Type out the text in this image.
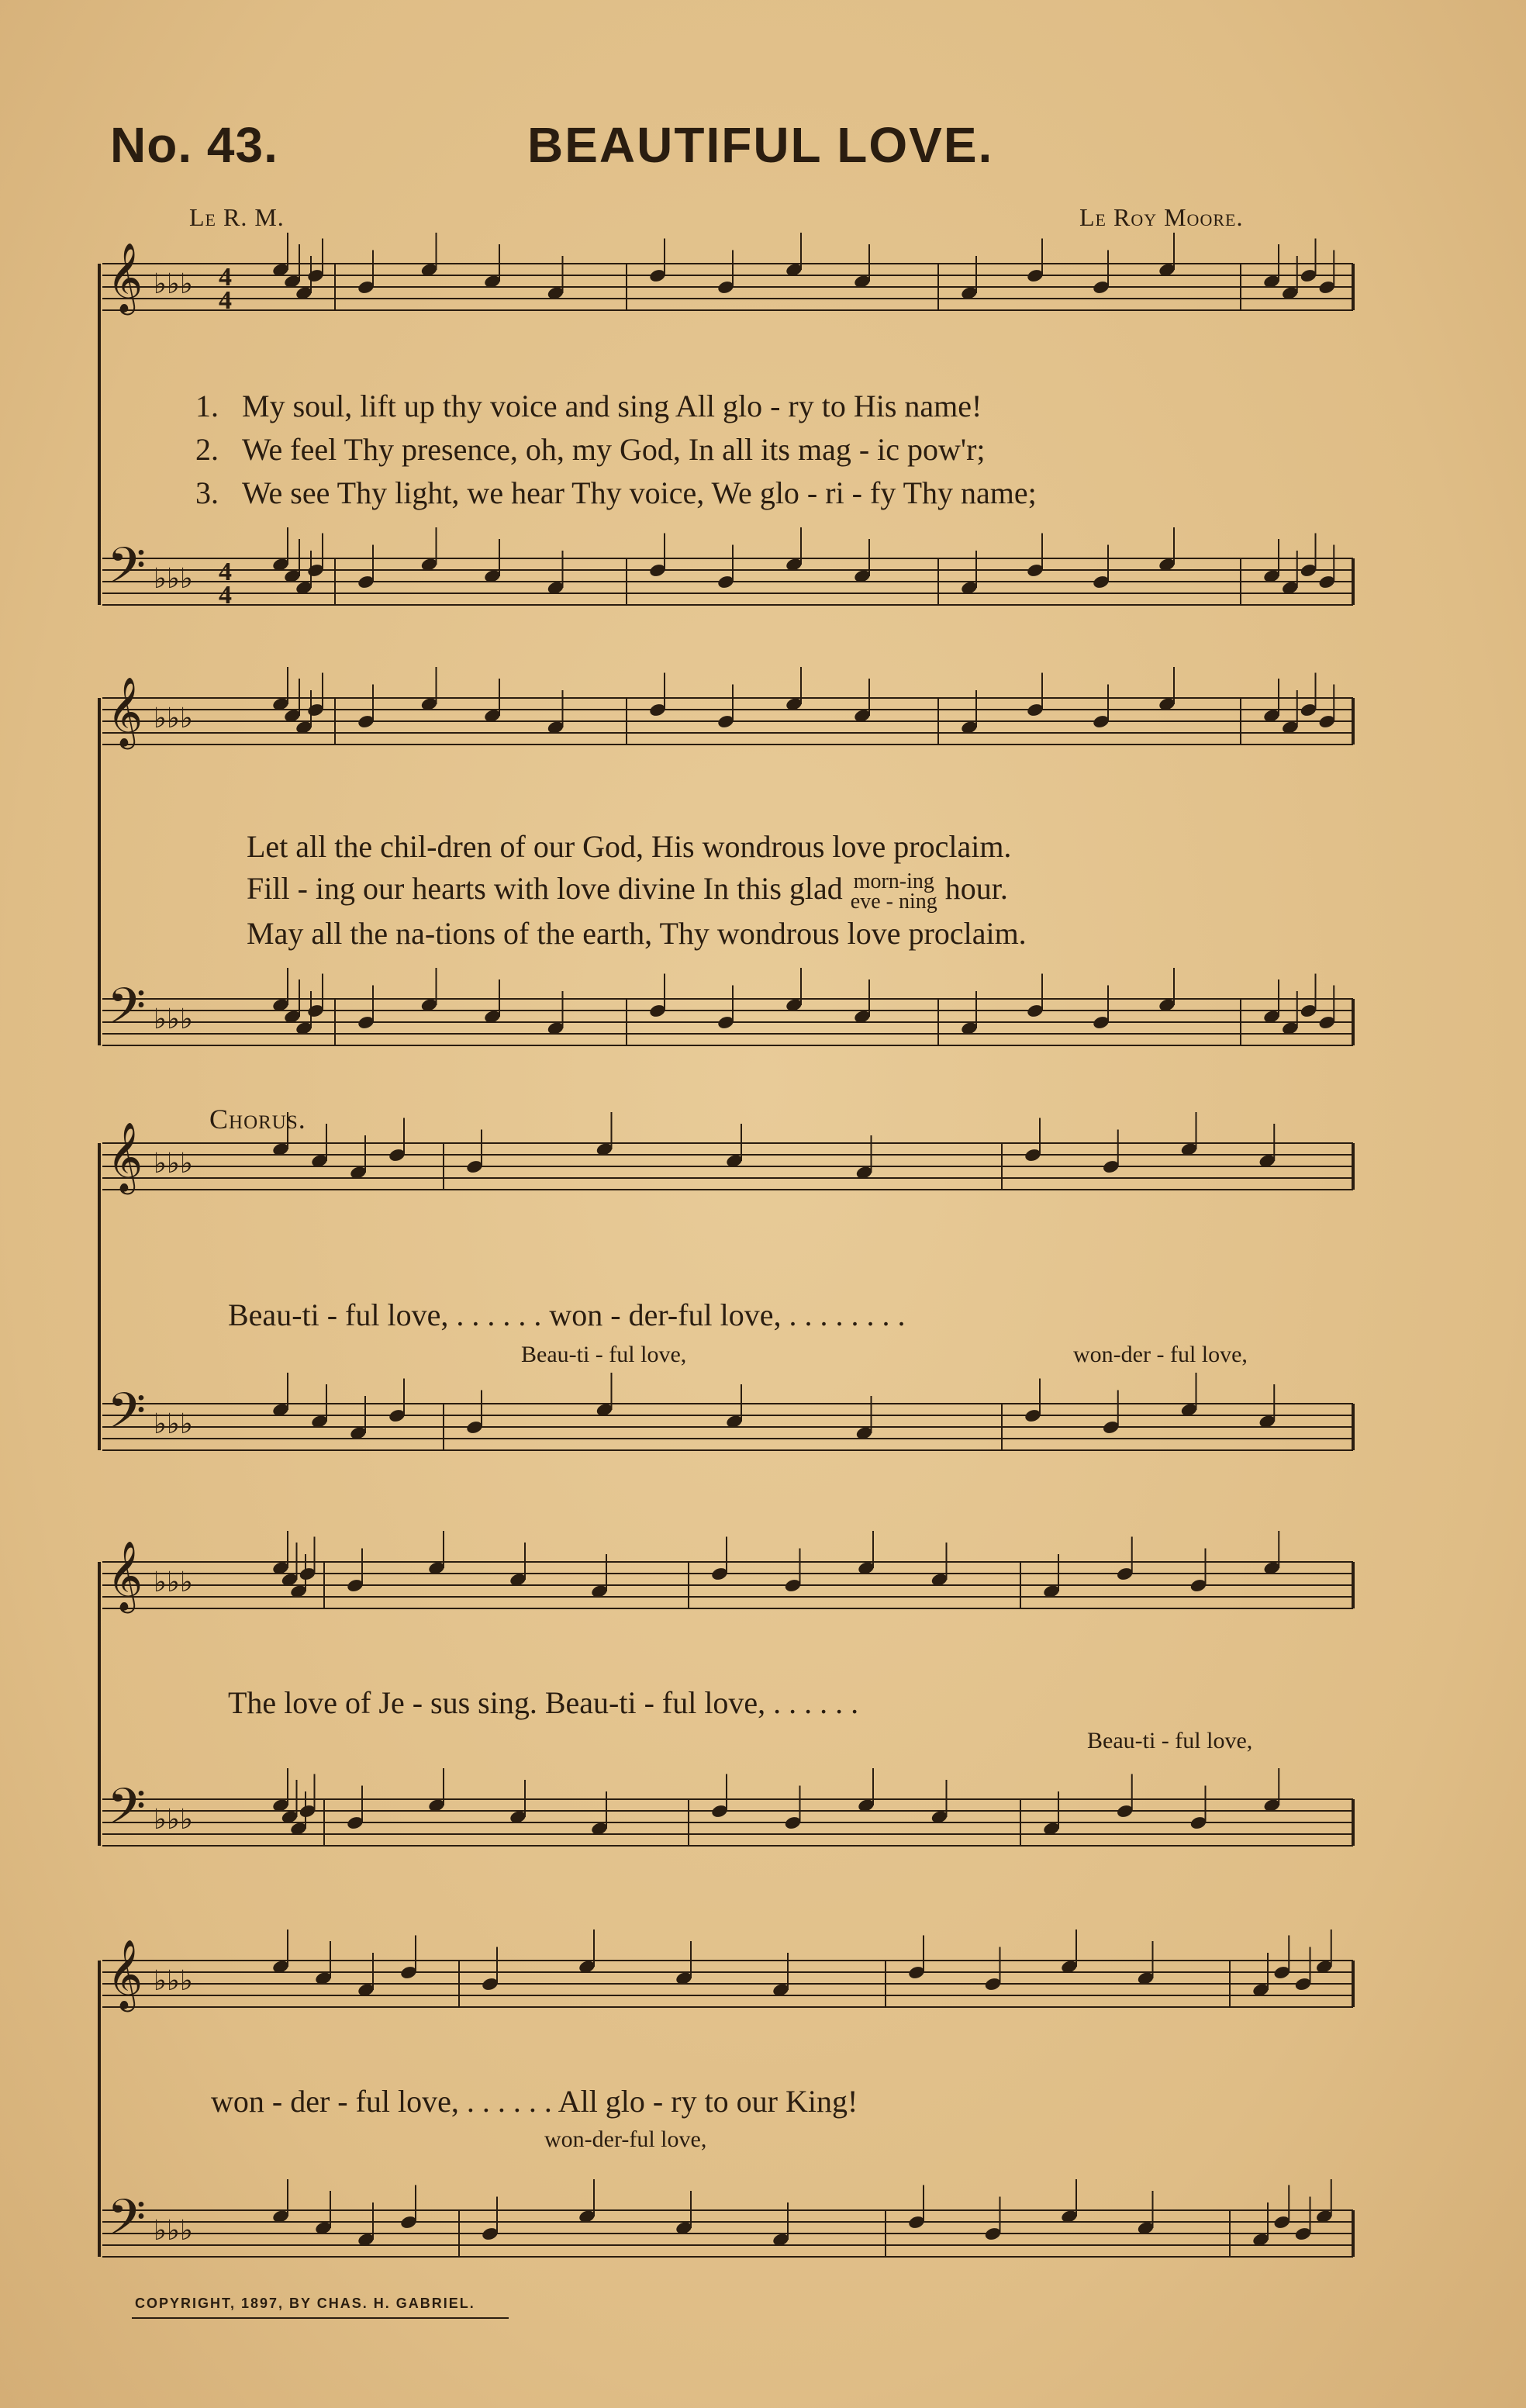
No. 43.	BEAUTIFUL LOVE.
Le R. M.	Le Roy Moore.
𝄞 ♭♭♭ 4
4
𝄢 ♭♭♭ 4
4
𝄞 ♭♭♭
𝄢 ♭♭♭
𝄞 ♭♭♭
𝄢 ♭♭♭
𝄞 ♭♭♭
𝄢 ♭♭♭
𝄞 ♭♭♭
𝄢 ♭♭♭
1. My soul, lift up thy voice and sing All glo - ry to His name!
2. We feel Thy presence, oh, my God, In all its mag - ic pow'r;
3. We see Thy light, we hear Thy voice, We glo - ri - fy Thy name;
Let all the chil-dren of our God, His wondrous love proclaim.
Fill - ing our hearts with love divine In this glad morn-ing
eve - ning hour.
May all the na-tions of the earth, Thy wondrous love proclaim.
Chorus.
Beau-ti - ful love, . . . . . . won - der-ful love, . . . . . . . .
Beau-ti - ful love,	won-der - ful love,
The love of Je - sus sing. Beau-ti - ful love, . . . . . .
Beau-ti - ful love,
won - der - ful love, . . . . . . All glo - ry to our King!
won-der-ful love,
COPYRIGHT, 1897, BY CHAS. H. GABRIEL.
